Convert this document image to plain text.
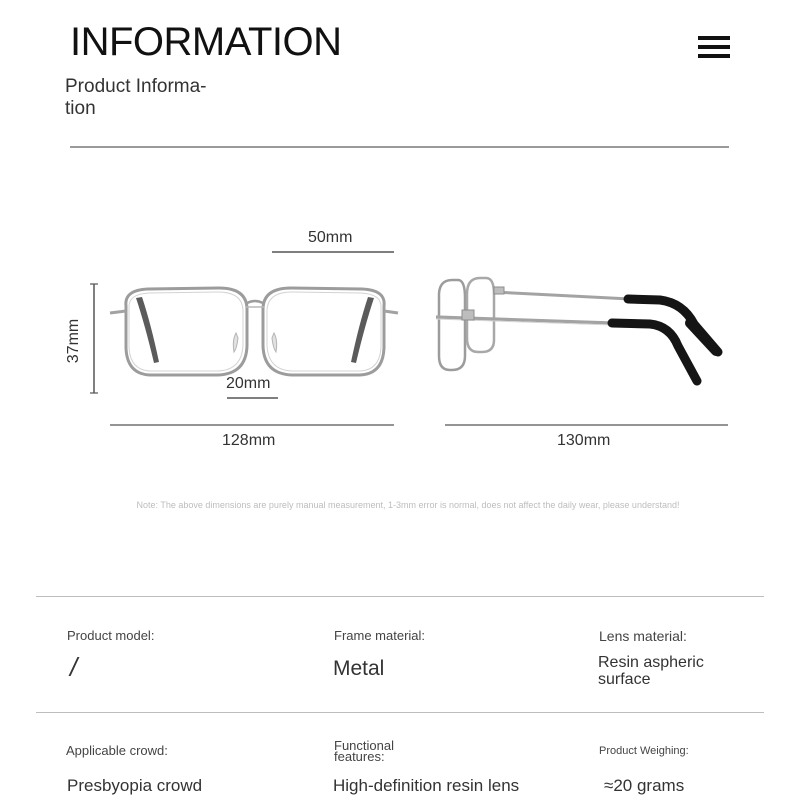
INFORMATION
Product Informa-
tion
50mm
37mm
20mm
128mm	130mm
Note: The above dimensions are purely manual measurement, 1-3mm error is normal, does not affect the daily wear, please understand!
Product model:
/
Frame material:
Metal
Lens material:
Resin aspheric surface
Applicable crowd:
Presbyopia crowd
Functional features:
High-definition resin lens
Product Weighing:
≈20 grams
